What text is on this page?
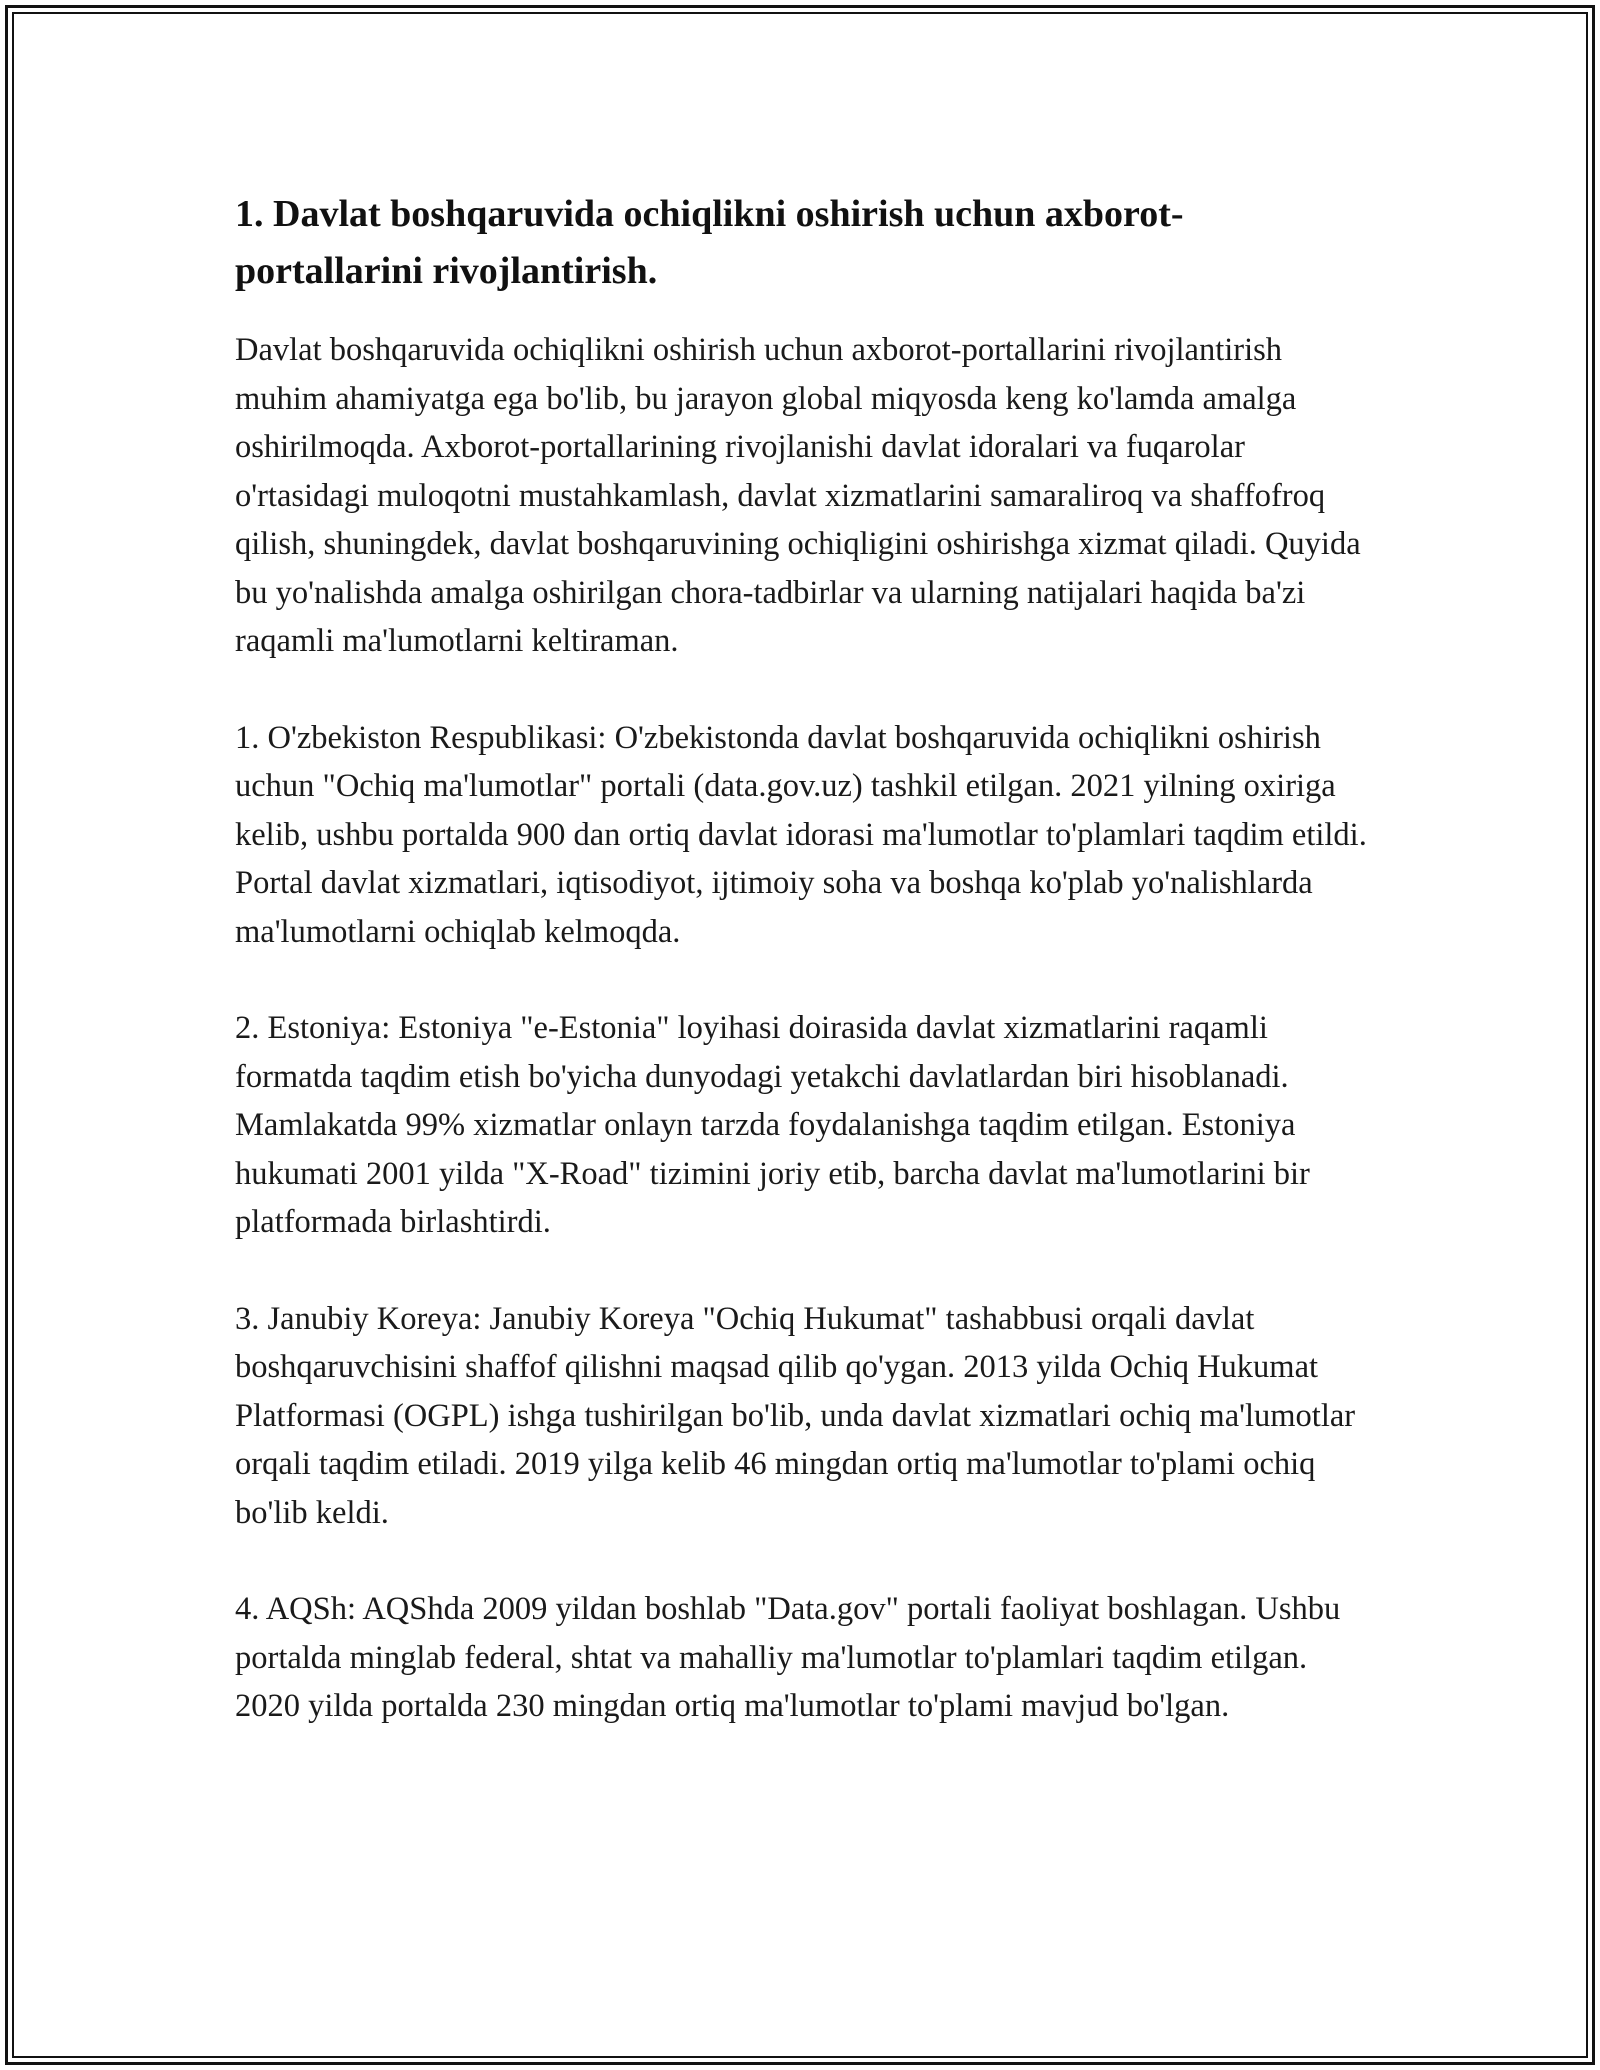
1. Davlat boshqaruvida ochiqlikni oshirish uchun axborot-
portallarini rivojlantirish.

Davlat boshqaruvida ochiqlikni oshirish uchun axborot-portallarini rivojlantirish muhim ahamiyatga ega bo'lib, bu jarayon global miqyosda keng ko'lamda amalga oshirilmoqda. Axborot-portallarining rivojlanishi davlat idoralari va fuqarolar o'rtasidagi muloqotni mustahkamlash, davlat xizmatlarini samaraliroq va shaffofroq qilish, shuningdek, davlat boshqaruvining ochiqligini oshirishga xizmat qiladi. Quyida bu yo'nalishda amalga oshirilgan chora-tadbirlar va ularning natijalari haqida ba'zi raqamli ma'lumotlarni keltiraman.

1. O'zbekiston Respublikasi: O'zbekistonda davlat boshqaruvida ochiqlikni oshirish uchun "Ochiq ma'lumotlar" portali (data.gov.uz) tashkil etilgan. 2021 yilning oxiriga kelib, ushbu portalda 900 dan ortiq davlat idorasi ma'lumotlar to'plamlari taqdim etildi. Portal davlat xizmatlari, iqtisodiyot, ijtimoiy soha va boshqa ko'plab yo'nalishlarda ma'lumotlarni ochiqlab kelmoqda.

2. Estoniya: Estoniya "e-Estonia" loyihasi doirasida davlat xizmatlarini raqamli formatda taqdim etish bo'yicha dunyodagi yetakchi davlatlardan biri hisoblanadi. Mamlakatda 99% xizmatlar onlayn tarzda foydalanishga taqdim etilgan. Estoniya hukumati 2001 yilda "X-Road" tizimini joriy etib, barcha davlat ma'lumotlarini bir platformada birlashtirdi.

3. Janubiy Koreya: Janubiy Koreya "Ochiq Hukumat" tashabbusi orqali davlat boshqaruvchisini shaffof qilishni maqsad qilib qo'ygan. 2013 yilda Ochiq Hukumat Platformasi (OGPL) ishga tushirilgan bo'lib, unda davlat xizmatlari ochiq ma'lumotlar orqali taqdim etiladi. 2019 yilga kelib 46 mingdan ortiq ma'lumotlar to'plami ochiq bo'lib keldi.

4. AQSh: AQShda 2009 yildan boshlab "Data.gov" portali faoliyat boshlagan. Ushbu portalda minglab federal, shtat va mahalliy ma'lumotlar to'plamlari taqdim etilgan. 2020 yilda portalda 230 mingdan ortiq ma'lumotlar to'plami mavjud bo'lgan.
